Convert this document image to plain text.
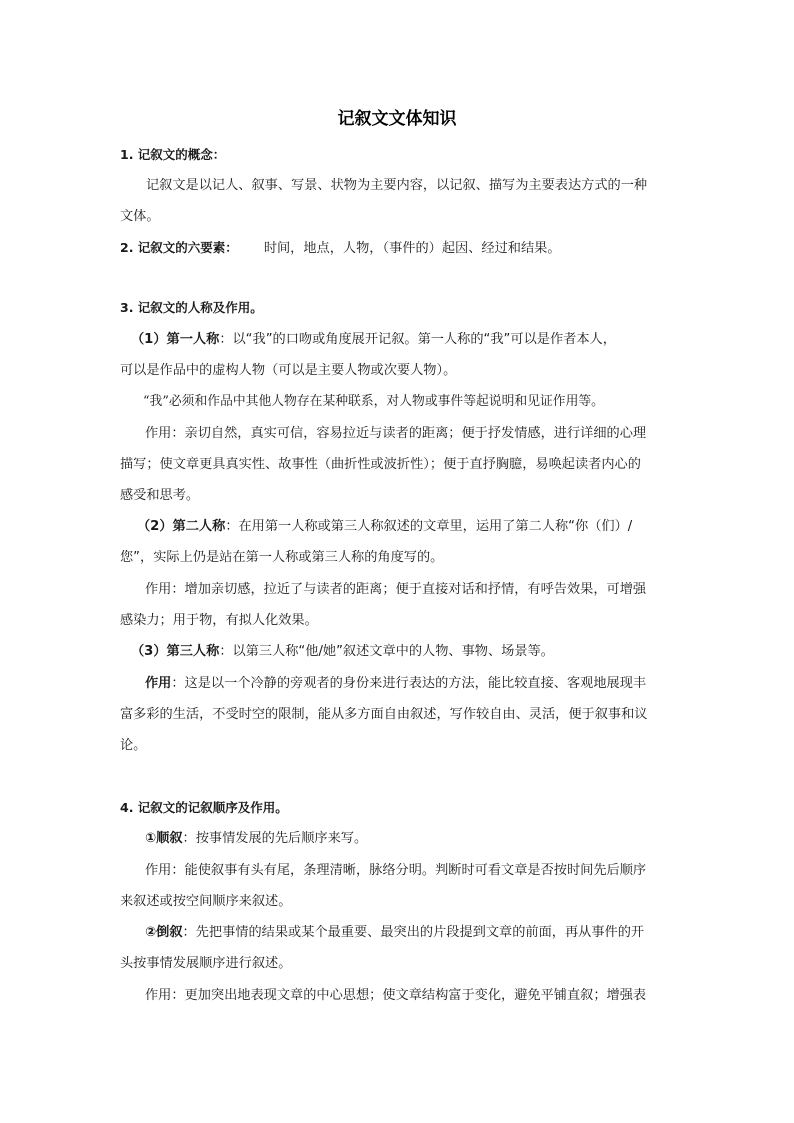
记叙文文体知识
1. 记叙文的概念：
记叙文是以记人、叙事、写景、状物为主要内容，以记叙、描写为主要表达方式的一种
文体。
2. 记叙文的六要素： 时间，地点，人物，（事件的）起因、经过和结果。
3. 记叙文的人称及作用。
（1）第一人称：以“我”的口吻或角度展开记叙。第一人称的“我”可以是作者本人，
可以是作品中的虚构人物（可以是主要人物或次要人物）。
“我”必须和作品中其他人物存在某种联系，对人物或事件等起说明和见证作用等。
作用：亲切自然，真实可信，容易拉近与读者的距离；便于抒发情感，进行详细的心理
描写；使文章更具真实性、故事性（曲折性或波折性）；便于直抒胸臆，易唤起读者内心的
感受和思考。
（2）第二人称：在用第一人称或第三人称叙述的文章里，运用了第二人称“你（们）/
您”，实际上仍是站在第一人称或第三人称的角度写的。
作用：增加亲切感，拉近了与读者的距离；便于直接对话和抒情，有呼告效果，可增强
感染力；用于物，有拟人化效果。
（3）第三人称：以第三人称“他/她”叙述文章中的人物、事物、场景等。
作用：这是以一个冷静的旁观者的身份来进行表达的方法，能比较直接、客观地展现丰
富多彩的生活，不受时空的限制，能从多方面自由叙述，写作较自由、灵活，便于叙事和议
论。
4. 记叙文的记叙顺序及作用。
①顺叙：按事情发展的先后顺序来写。
作用：能使叙事有头有尾，条理清晰，脉络分明。判断时可看文章是否按时间先后顺序
来叙述或按空间顺序来叙述。
②倒叙：先把事情的结果或某个最重要、最突出的片段提到文章的前面，再从事件的开
头按事情发展顺序进行叙述。
作用：更加突出地表现文章的中心思想；使文章结构富于变化，避免平铺直叙；增强表
